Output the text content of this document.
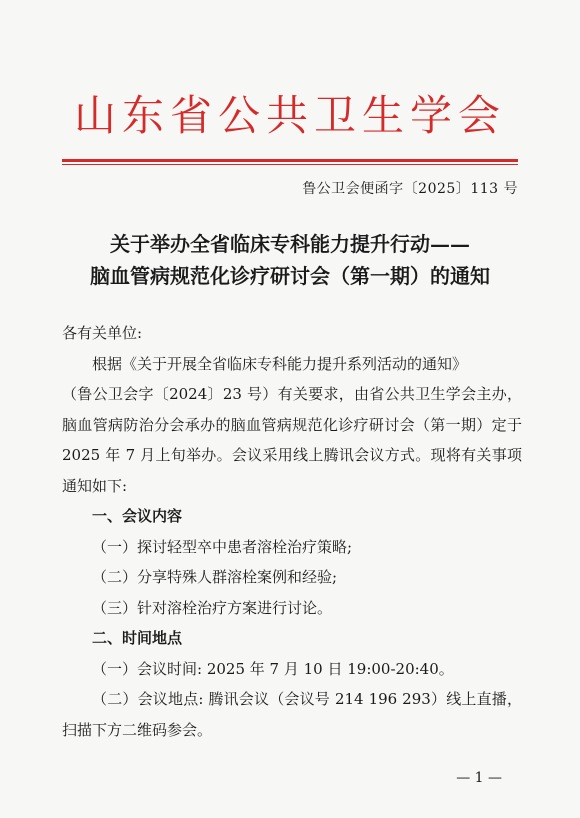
山东省公共卫生学会
鲁公卫会便函字〔2025〕113 号
关于举办全省临床专科能力提升行动——
脑血管病规范化诊疗研讨会（第一期）的通知

各有关单位:

根据《关于开展全省临床专科能力提升系列活动的通知》

（鲁公卫会字〔2024〕23 号）有关要求，由省公共卫生学会主办，脑血管病防治分会承办的脑血管病规范化诊疗研讨会（第一期）定于 2025 年 7 月上旬举办。会议采用线上腾讯会议方式。现将有关事项通知如下:

一、会议内容

（一）探讨轻型卒中患者溶栓治疗策略;

（二）分享特殊人群溶栓案例和经验;

（三）针对溶栓治疗方案进行讨论。

二、时间地点

（一）会议时间: 2025 年 7 月 10 日 19:00-20:40。

（二）会议地点: 腾讯会议（会议号 214 196 293）线上直播，扫描下方二维码参会。

— 1 —
